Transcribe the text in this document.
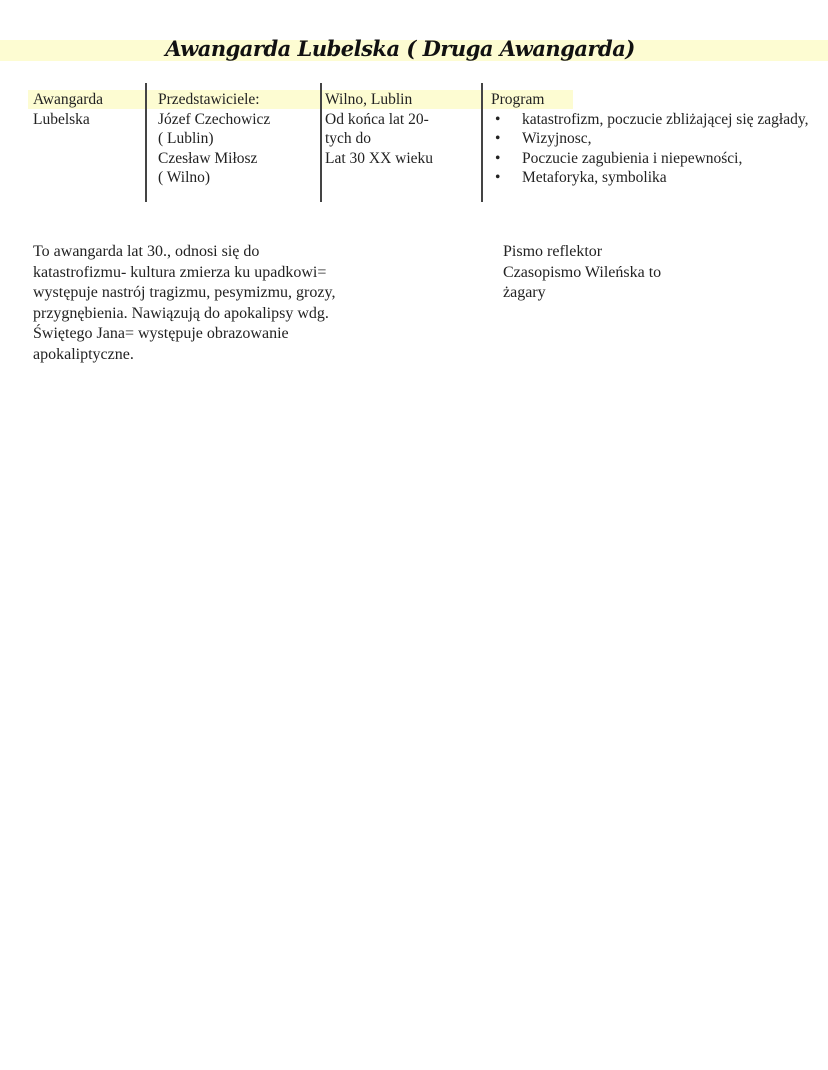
Awangarda Lubelska ( Druga Awangarda)
Awangarda
Lubelska
Przedstawiciele:
Józef Czechowicz
( Lublin)
Czesław Miłosz
( Wilno)
Wilno, Lublin
Od końca lat 20-
tych do
Lat 30 XX wieku
Program
• katastrofizm, poczucie zbliżającej się zagłady,
• Wizyjnosc,
• Poczucie zagubienia i niepewności,
• Metaforyka, symbolika
To awangarda lat 30., odnosi się do
katastrofizmu- kultura zmierza ku upadkowi=
występuje nastrój tragizmu, pesymizmu, grozy,
przygnębienia. Nawiązują do apokalipsy wdg.
Świętego Jana= występuje obrazowanie
apokaliptyczne.
Pismo reflektor
Czasopismo Wileńska to
żagary
